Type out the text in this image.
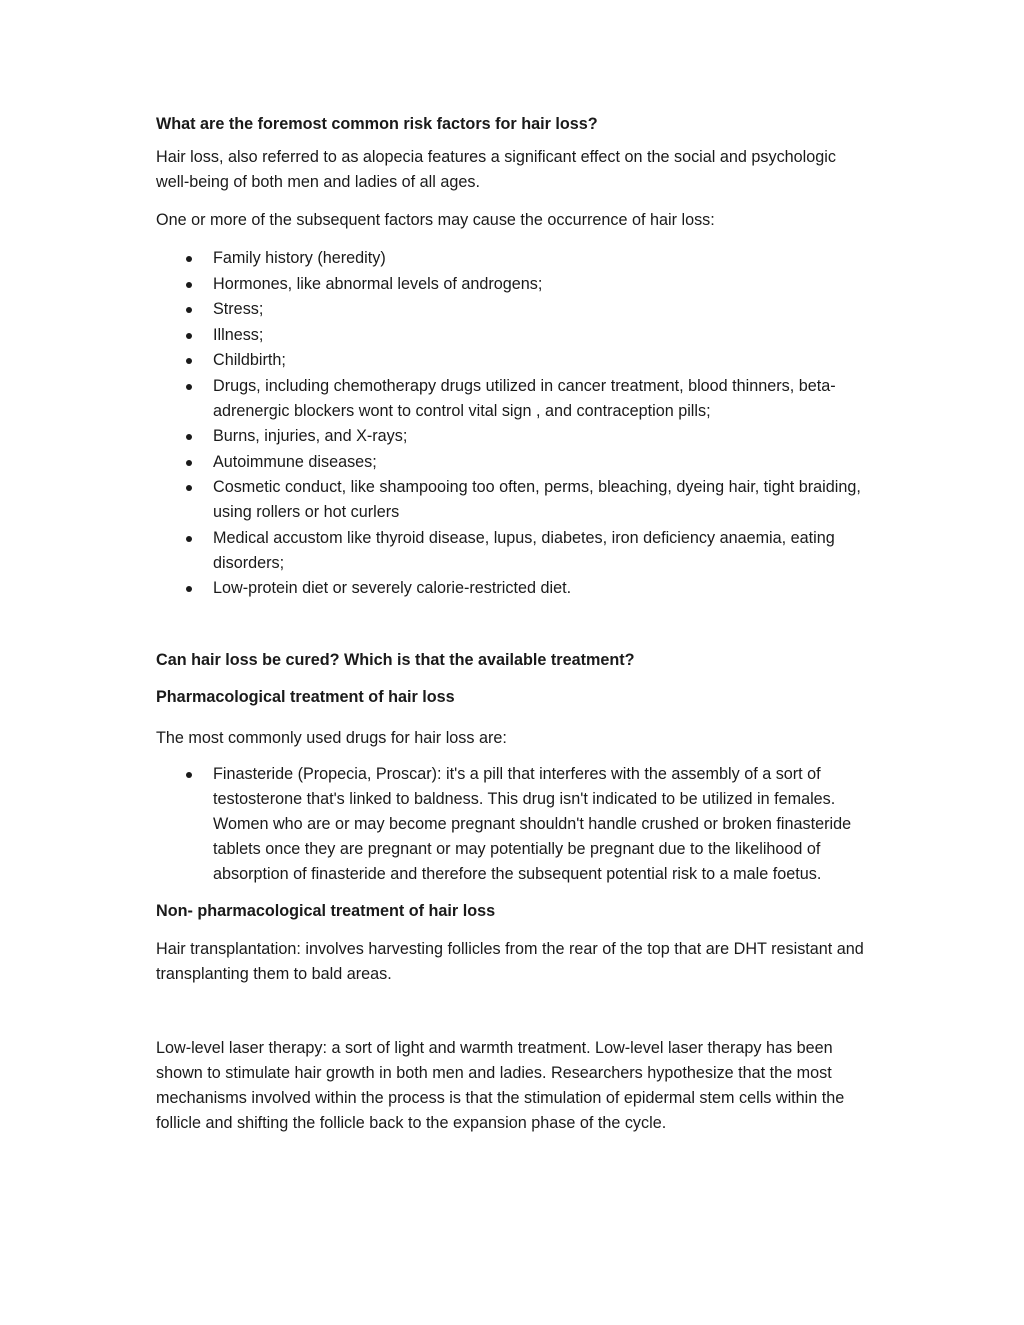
What are the foremost common risk factors for hair loss?
Hair loss, also referred to as alopecia features a significant effect on the social and psychologic well-being of both men and ladies of all ages.
One or more of the subsequent factors may cause the occurrence of hair loss:
Family history (heredity)
Hormones, like abnormal levels of androgens;
Stress;
Illness;
Childbirth;
Drugs, including chemotherapy drugs utilized in cancer treatment, blood thinners, beta-adrenergic blockers wont to control vital sign , and contraception pills;
Burns, injuries, and X-rays;
Autoimmune diseases;
Cosmetic conduct, like shampooing too often, perms, bleaching, dyeing hair, tight braiding, using rollers or hot curlers
Medical accustom like thyroid disease, lupus, diabetes, iron deficiency anaemia, eating disorders;
Low-protein diet or severely calorie-restricted diet.
Can hair loss be cured? Which is that the available treatment?
Pharmacological treatment of hair loss
The most commonly used drugs for hair loss are:
Finasteride (Propecia, Proscar): it's a pill that interferes with the assembly of a sort of testosterone that's linked to baldness. This drug isn't indicated to be utilized in females. Women who are or may become pregnant shouldn't handle crushed or broken finasteride tablets once they are pregnant or may potentially be pregnant due to the likelihood of absorption of finasteride and therefore the subsequent potential risk to a male foetus.
Non- pharmacological treatment of hair loss
Hair transplantation: involves harvesting follicles from the rear of the top that are DHT resistant and transplanting them to bald areas.
Low-level laser therapy: a sort of light and warmth treatment. Low-level laser therapy has been shown to stimulate hair growth in both men and ladies. Researchers hypothesize that the most mechanisms involved within the process is that the stimulation of epidermal stem cells within the follicle and shifting the follicle back to the expansion phase of the cycle.
